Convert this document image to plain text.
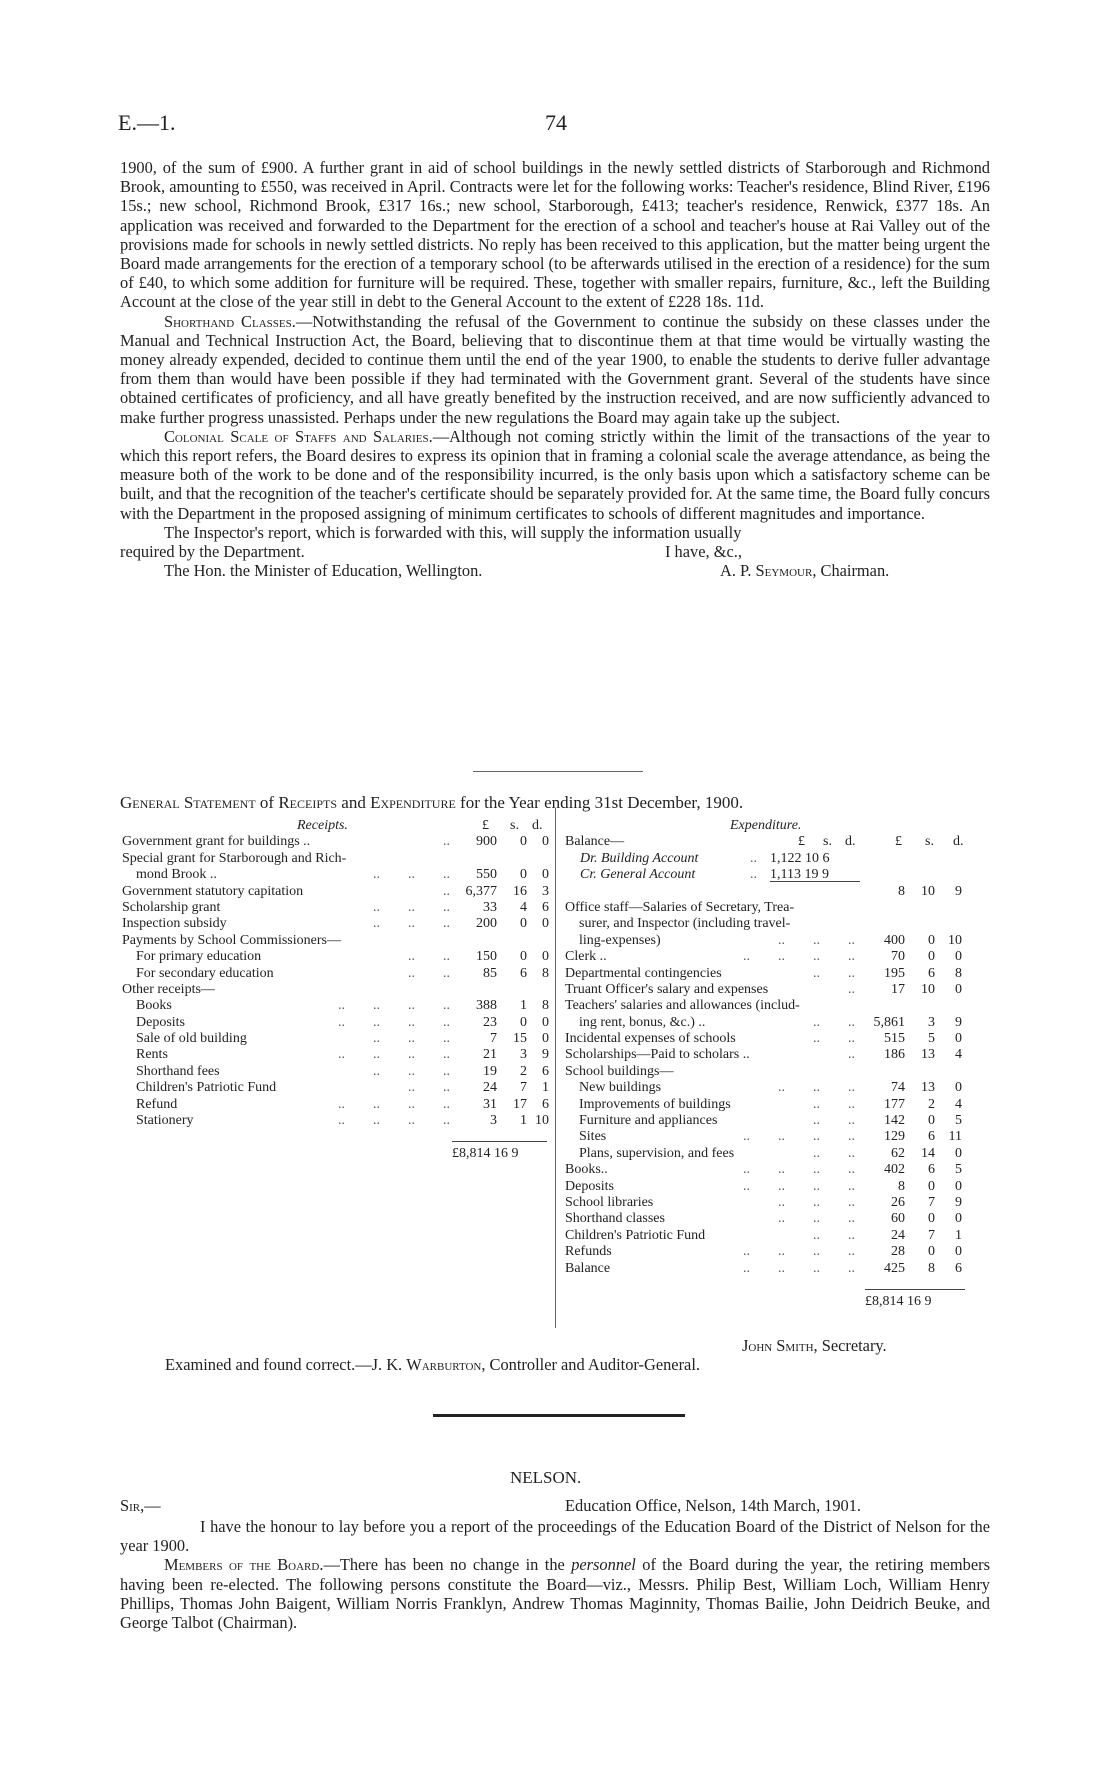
E.—1.	74

1900, of the sum of £900. A further grant in aid of school buildings in the newly settled districts of Starborough and Richmond Brook, amounting to £550, was received in April. Contracts were let for the following works: Teacher's residence, Blind River, £196 15s.; new school, Richmond Brook, £317 16s.; new school, Starborough, £413; teacher's residence, Renwick, £377 18s. An application was received and forwarded to the Department for the erection of a school and teacher's house at Rai Valley out of the provisions made for schools in newly settled districts. No reply has been received to this application, but the matter being urgent the Board made arrangements for the erection of a temporary school (to be afterwards utilised in the erection of a residence) for the sum of £40, to which some addition for furniture will be required. These, together with smaller repairs, furniture, &c., left the Building Account at the close of the year still in debt to the General Account to the extent of £228 18s. 11d.

Shorthand Classes.—Notwithstanding the refusal of the Government to continue the subsidy on these classes under the Manual and Technical Instruction Act, the Board, believing that to discontinue them at that time would be virtually wasting the money already expended, decided to continue them until the end of the year 1900, to enable the students to derive fuller advantage from them than would have been possible if they had terminated with the Government grant. Several of the students have since obtained certificates of proficiency, and all have greatly benefited by the instruction received, and are now sufficiently advanced to make further progress unassisted. Perhaps under the new regulations the Board may again take up the subject.

Colonial Scale of Staffs and Salaries.—Although not coming strictly within the limit of the transactions of the year to which this report refers, the Board desires to express its opinion that in framing a colonial scale the average attendance, as being the measure both of the work to be done and of the responsibility incurred, is the only basis upon which a satisfactory scheme can be built, and that the recognition of the teacher's certificate should be separately provided for. At the same time, the Board fully concurs with the Department in the proposed assigning of minimum certificates to schools of different magnitudes and importance.

The Inspector's report, which is forwarded with this, will supply the information usually

required by the Department.	I have, &c.,
The Hon. the Minister of Education, Wellington.	A. P. Seymour, Chairman.
General Statement of Receipts and Expenditure for the Year ending 31st December, 1900.
Receipts.	£ s. d.
Government grant for buildings ..	..	900	0	0
Special grant for Starborough and Rich-
mond Brook ..	..        ..        ..	550	0	0
Government statutory capitation	..	6,377	16	3
Scholarship grant	..        ..        ..	33	4	6
Inspection subsidy	..        ..        ..	200	0	0
Payments by School Commissioners—
For primary education	..        ..	150	0	0
For secondary education	..        ..	85	6	8
Other receipts—
Books	..        ..        ..        ..	388	1	8
Deposits	..        ..        ..        ..	23	0	0
Sale of old building	..        ..        ..	7	15	0
Rents	..        ..        ..        ..	21	3	9
Shorthand fees	..        ..        ..	19	2	6
Children's Patriotic Fund	..        ..	24	7	1
Refund	..        ..        ..        ..	31	17	6
Stationery	..        ..        ..        ..	3	1 10
£8,814 16 9
Expenditure.
Balance—	£ s. d.	£ s. d.
Dr. Building Account	.. 1,122 10 6
Cr. General Account	.. 1,113 19 9
8	10	9
Office staff—Salaries of Secretary, Trea-
surer, and Inspector (including travel-
ling-expenses)	..        ..        ..	400	0 10
Clerk ..	..        ..        ..        ..	70	0	0
Departmental contingencies	..        ..	195	6	8
Truant Officer's salary and expenses	..	17	10	0
Teachers' salaries and allowances (includ-
ing rent, bonus, &c.) ..	..        ..	5,861	3	9
Incidental expenses of schools	..        ..	515	5	0
Scholarships—Paid to scholars ..	..	186	13	4
School buildings—
New buildings	..        ..        ..	74	13	0
Improvements of buildings	..        ..	177	2	4
Furniture and appliances	..        ..	142	0	5
Sites	..        ..        ..        ..	129	6 11
Plans, supervision, and fees	..        ..	62	14	0
Books..	..        ..        ..        ..	402	6	5
Deposits	..        ..        ..        ..	8	0	0
School libraries	..        ..        ..	26	7	9
Shorthand classes	..        ..        ..	60	0	0
Children's Patriotic Fund	..        ..	24	7	1
Refunds	..        ..        ..        ..	28	0	0
Balance	..        ..        ..        ..	425	8	6
£8,814 16 9
John Smith, Secretary.
Examined and found correct.—J. K. Warburton, Controller and Auditor-General.
NELSON.
Sir,—	Education Office, Nelson, 14th March, 1901.

I have the honour to lay before you a report of the proceedings of the Education Board of the District of Nelson for the year 1900.

Members of the Board.—There has been no change in the personnel of the Board during the year, the retiring members having been re-elected. The following persons constitute the Board—viz., Messrs. Philip Best, William Loch, William Henry Phillips, Thomas John Baigent, William Norris Franklyn, Andrew Thomas Maginnity, Thomas Bailie, John Deidrich Beuke, and George Talbot (Chairman).
